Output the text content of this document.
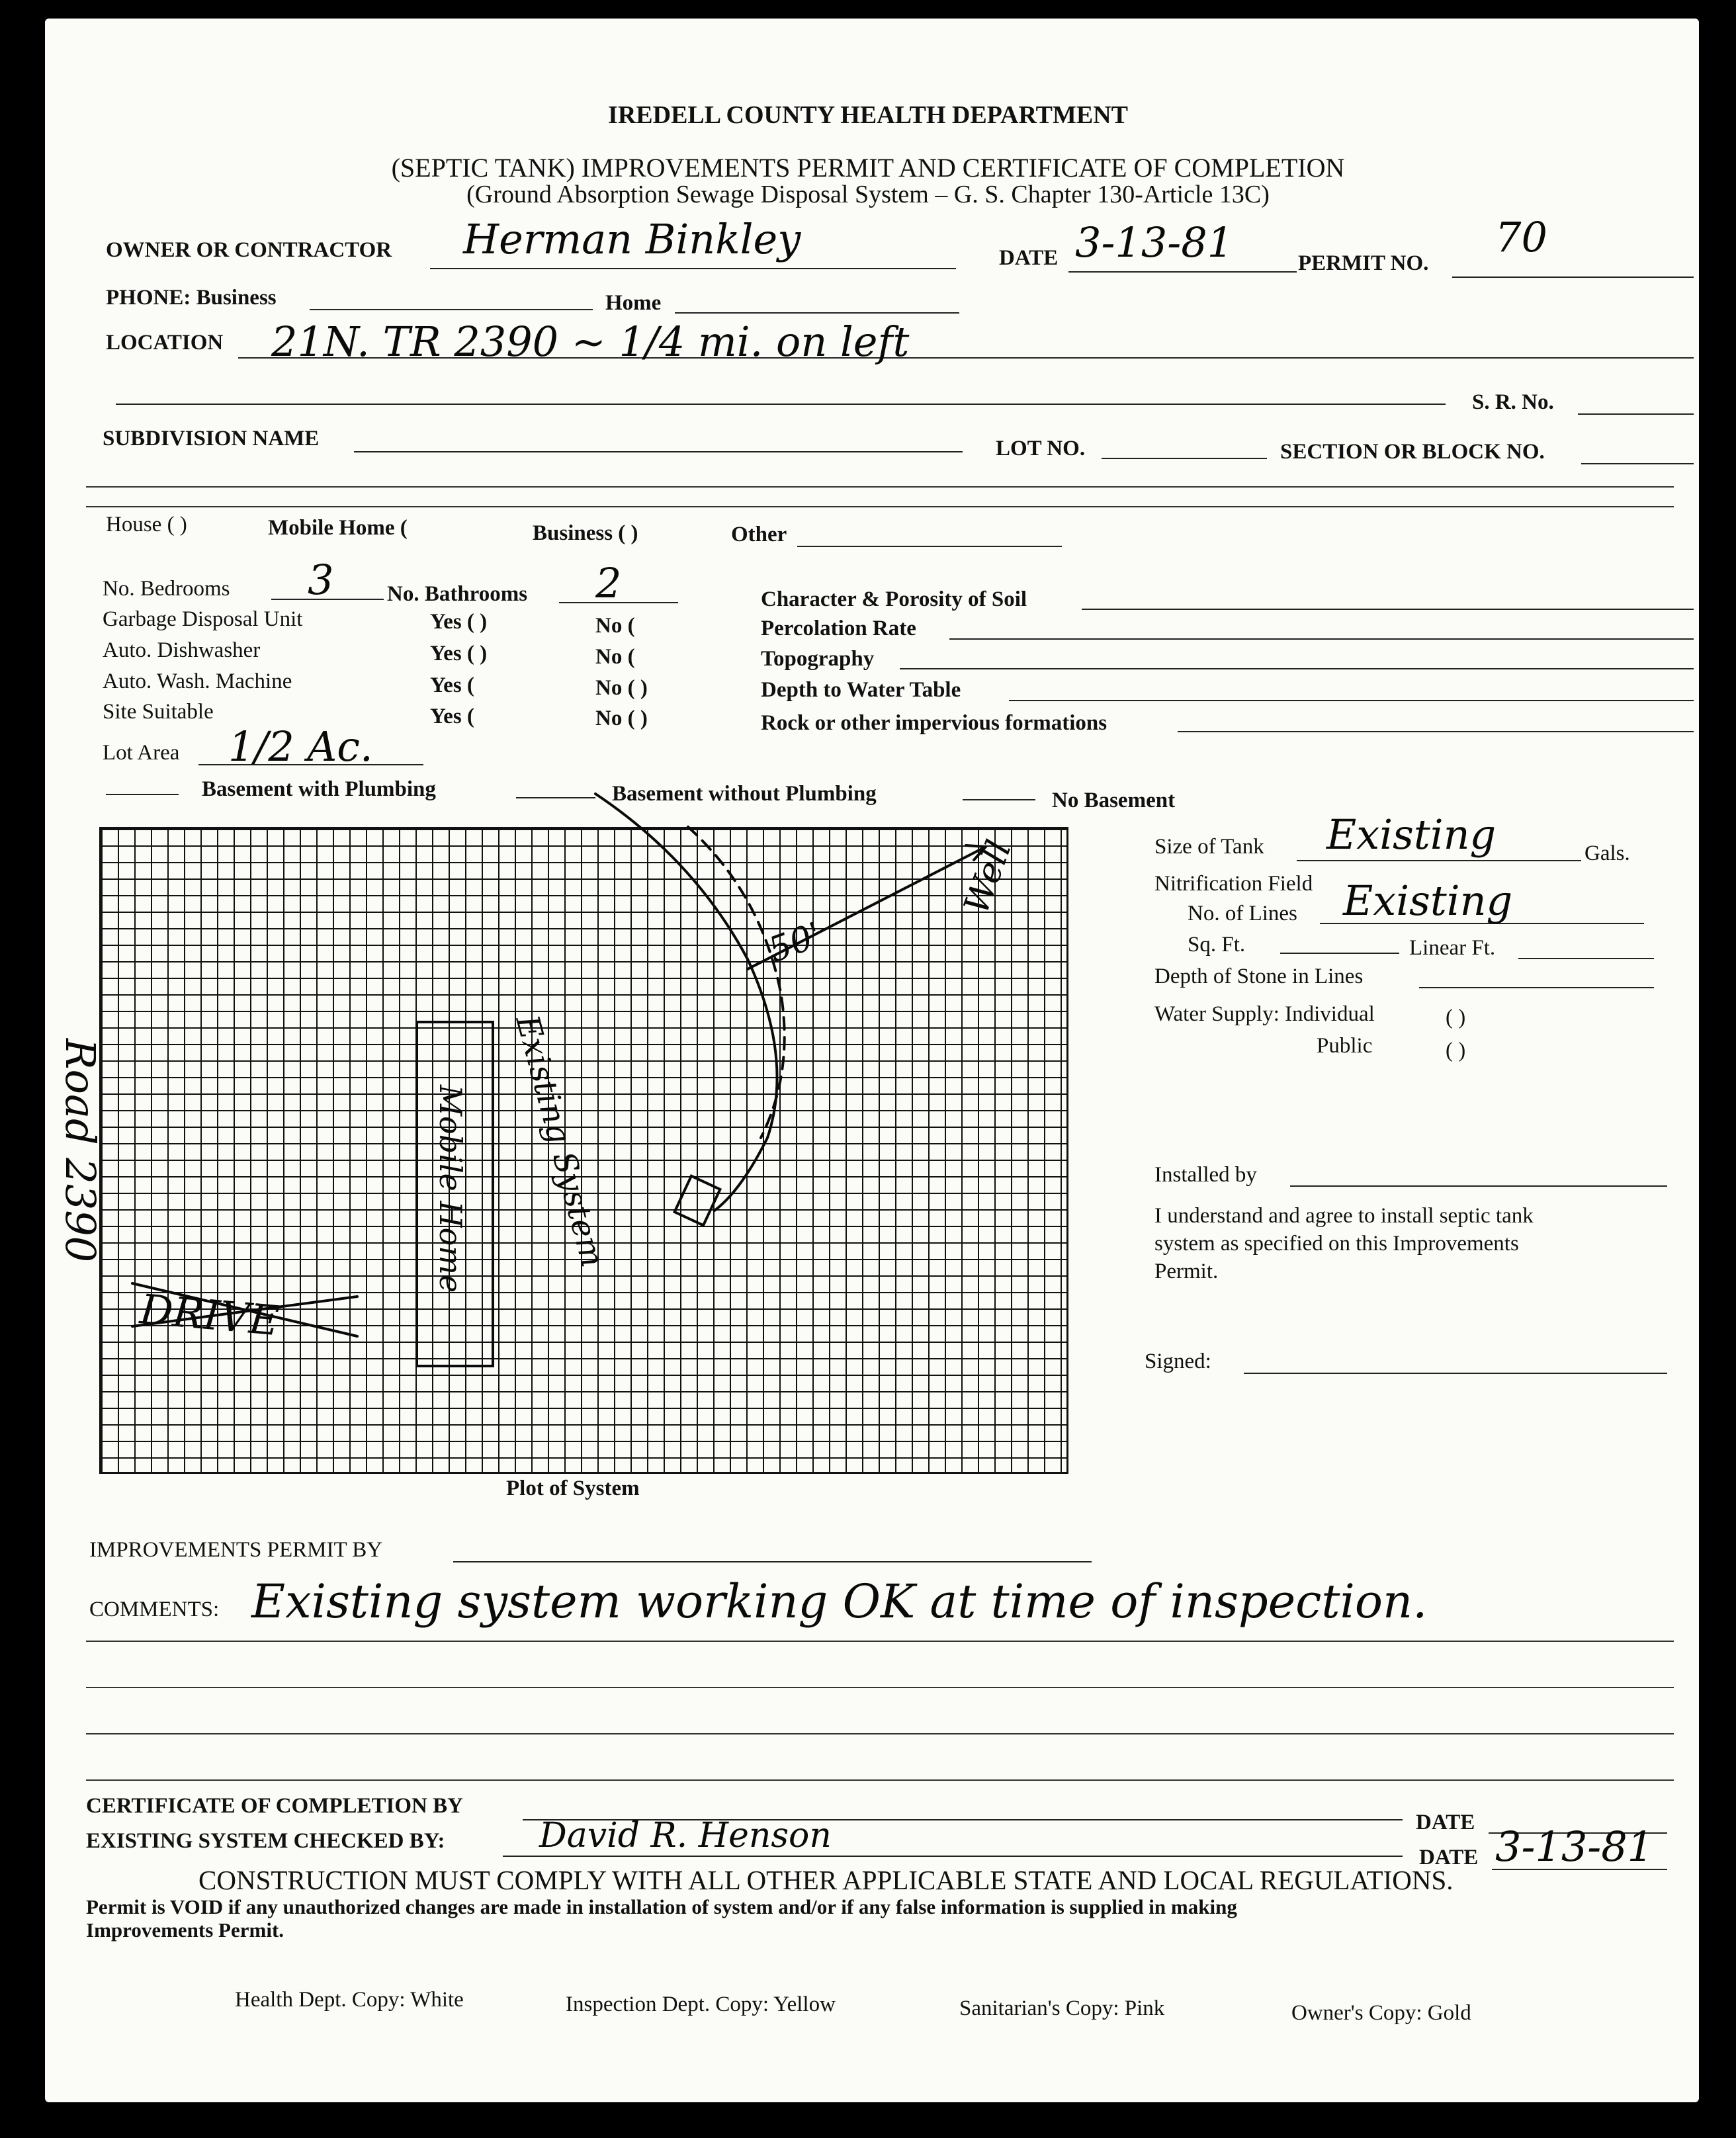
IREDELL COUNTY HEALTH DEPARTMENT
(SEPTIC TANK) IMPROVEMENTS PERMIT AND CERTIFICATE OF COMPLETION
(Ground Absorption Sewage Disposal System – G. S. Chapter 130-Article 13C)
OWNER OR CONTRACTOR Herman Binkley	DATE 3-13-81	PERMIT NO.
70
PHONE: Business	Home
LOCATION 21N. TR 2390 ~ 1/4 mi. on left
S. R. No.
SUBDIVISION NAME	LOT NO.	SECTION OR BLOCK NO.
House ( )	Mobile Home (	Business ( )	Other
No. Bedrooms 3 No. Bathrooms 2
Garbage Disposal Unit	Yes ( )	No (
Auto. Dishwasher	Yes ( )	No (
Auto. Wash. Machine	Yes (	No ( )
Site Suitable	Yes (	No ( )
Character & Porosity of Soil
Percolation Rate
Topography
Depth to Water Table
Rock or other impervious formations
Lot Area 1/2 Ac.
Basement with Plumbing	Basement without Plumbing	No Basement
Plot of System
50'
Well
Existing System
Mobile Home
DRIVE
Road 2390
Size of Tank Existing	Gals.
Nitrification Field
No. of Lines Existing
Sq. Ft.	Linear Ft.
Depth of Stone in Lines
Water Supply: Individual	( )
Public	( )
Installed by
I understand and agree to install septic tank
system as specified on this Improvements
Permit.
Signed:
IMPROVEMENTS PERMIT BY
COMMENTS: Existing system working OK at time of inspection.
CERTIFICATE OF COMPLETION BY
DATE
EXISTING SYSTEM CHECKED BY:	David R. Henson
DATE 3-13-81
CONSTRUCTION MUST COMPLY WITH ALL OTHER APPLICABLE STATE AND LOCAL REGULATIONS.
Permit is VOID if any unauthorized changes are made in installation of system and/or if any false information is supplied in making
Improvements Permit.
Health Dept. Copy: White	Inspection Dept. Copy: Yellow	Sanitarian's Copy: Pink	Owner's Copy: Gold
